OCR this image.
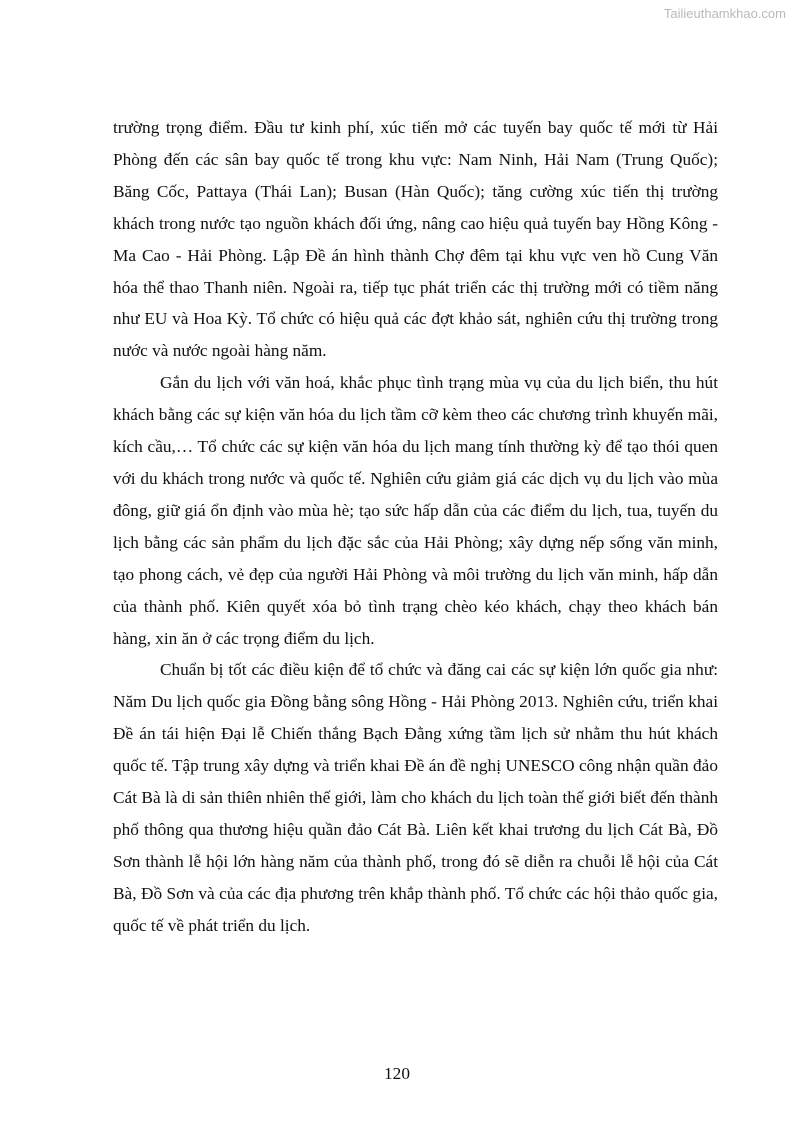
Tailieuthamkhao.com

trường trọng điểm. Đầu tư kinh phí, xúc tiến mở các tuyến bay quốc tế mới từ Hải Phòng đến các sân bay quốc tế trong khu vực: Nam Ninh, Hải Nam (Trung Quốc); Băng Cốc, Pattaya (Thái Lan); Busan (Hàn Quốc); tăng cường xúc tiến thị trường khách trong nước tạo nguồn khách đối ứng, nâng cao hiệu quả tuyến bay Hồng Kông - Ma Cao - Hải Phòng. Lập Đề án hình thành Chợ đêm tại khu vực ven hồ Cung Văn hóa thể thao Thanh niên. Ngoài ra, tiếp tục phát triển các thị trường mới có tiềm năng như EU và Hoa Kỳ. Tổ chức có hiệu quả các đợt khảo sát, nghiên cứu thị trường trong nước và nước ngoài hàng năm.

Gắn du lịch với văn hoá, khắc phục tình trạng mùa vụ của du lịch biển, thu hút khách bằng các sự kiện văn hóa du lịch tầm cỡ kèm theo các chương trình khuyến mãi, kích cầu,… Tổ chức các sự kiện văn hóa du lịch mang tính thường kỳ để tạo thói quen với du khách trong nước và quốc tế. Nghiên cứu giảm giá các dịch vụ du lịch vào mùa đông, giữ giá ổn định vào mùa hè; tạo sức hấp dẫn của các điểm du lịch, tua, tuyến du lịch bằng các sản phẩm du lịch đặc sắc của Hải Phòng; xây dựng nếp sống văn minh, tạo phong cách, vẻ đẹp của người Hải Phòng và môi trường du lịch văn minh, hấp dẫn của thành phố. Kiên quyết xóa bỏ tình trạng chèo kéo khách, chạy theo khách bán hàng, xin ăn ở các trọng điểm du lịch.

Chuẩn bị tốt các điều kiện để tổ chức và đăng cai các sự kiện lớn quốc gia như: Năm Du lịch quốc gia Đồng bằng sông Hồng - Hải Phòng 2013. Nghiên cứu, triển khai Đề án tái hiện Đại lễ Chiến thắng Bạch Đằng xứng tầm lịch sử nhằm thu hút khách quốc tế. Tập trung xây dựng và triển khai Đề án đề nghị UNESCO công nhận quần đảo Cát Bà là di sản thiên nhiên thế giới, làm cho khách du lịch toàn thế giới biết đến thành phố thông qua thương hiệu quần đảo Cát Bà. Liên kết khai trương du lịch Cát Bà, Đồ Sơn thành lễ hội lớn hàng năm của thành phố, trong đó sẽ diễn ra chuỗi lễ hội của Cát Bà, Đồ Sơn và của các địa phương trên khắp thành phố. Tổ chức các hội thảo quốc gia, quốc tế về phát triển du lịch.

120
